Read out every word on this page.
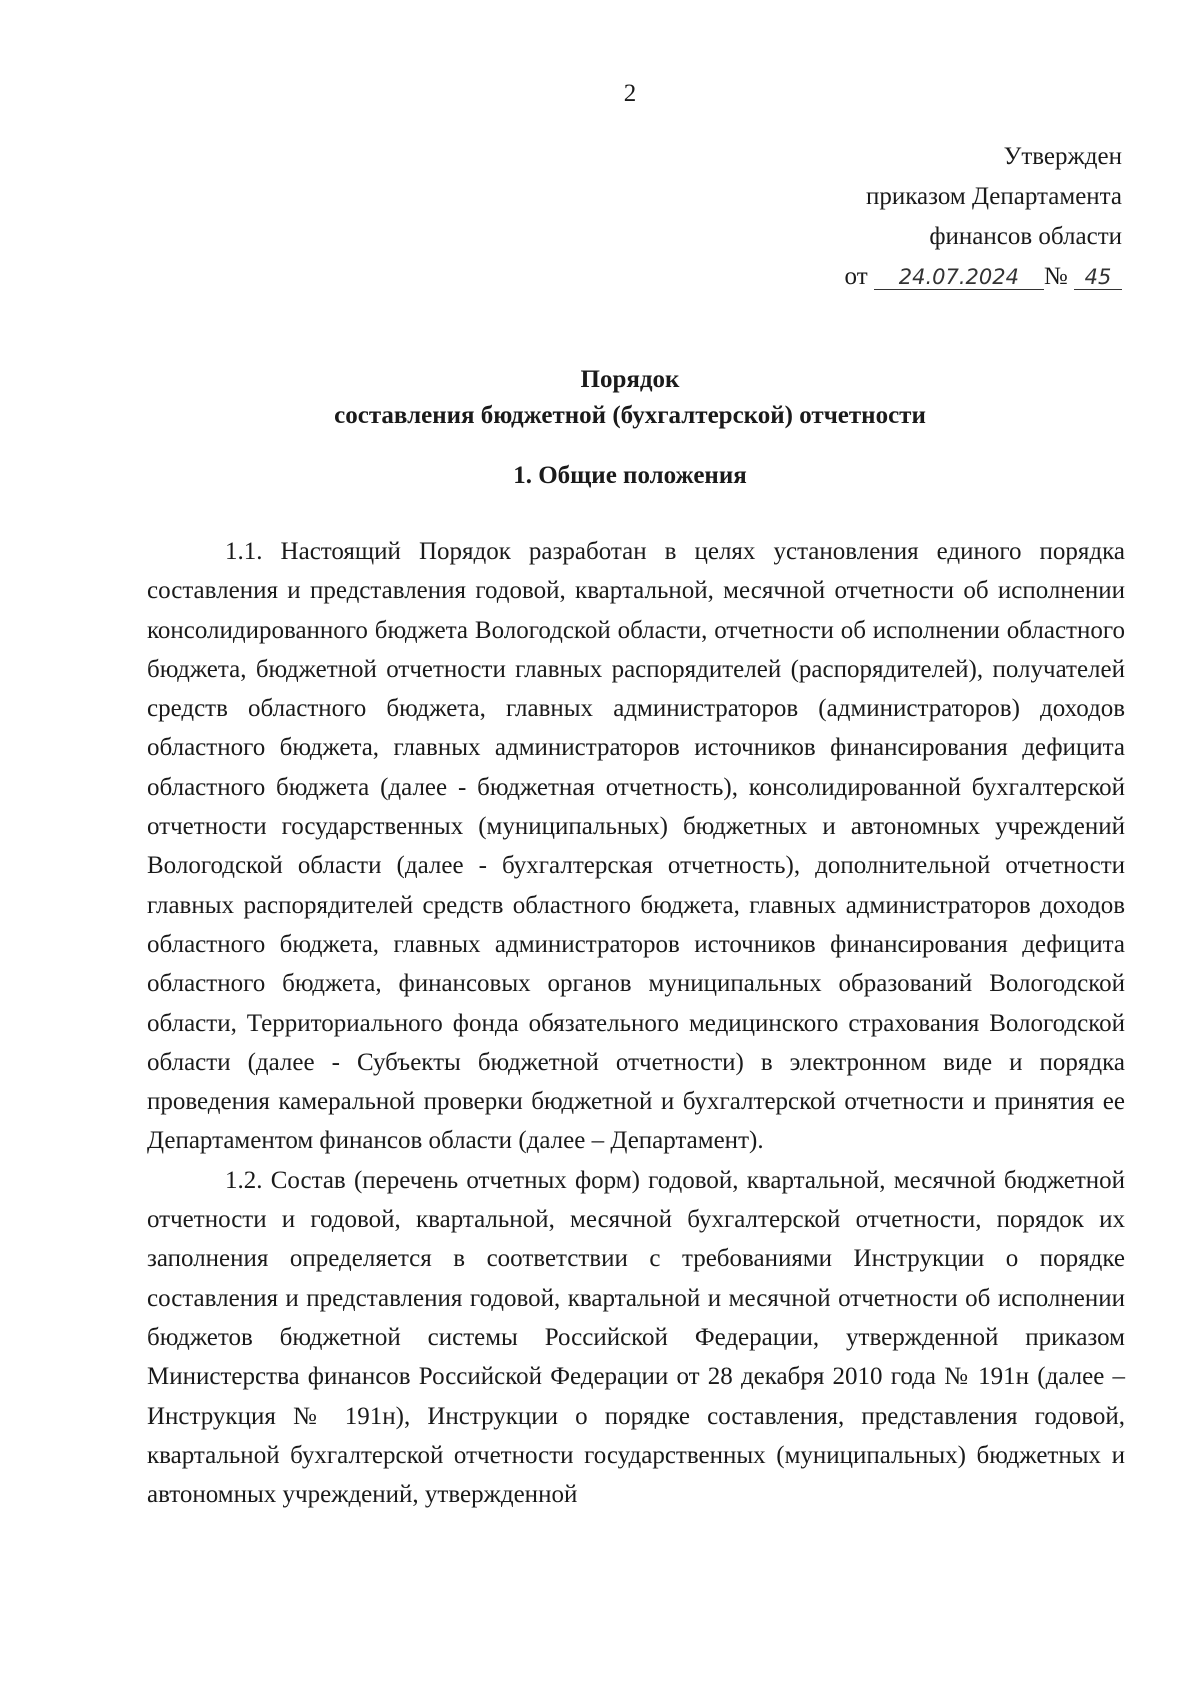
2
Утвержден
приказом Департамента
финансов области
от 24.07.2024 № 45
Порядок
составления бюджетной (бухгалтерской) отчетности
1. Общие положения

1.1. Настоящий Порядок разработан в целях установления единого порядка составления и представления годовой, квартальной, месячной отчетности об исполнении консолидированного бюджета Вологодской области, отчетности об исполнении областного бюджета, бюджетной отчетности главных распорядителей (распорядителей), получателей средств областного бюджета, главных администраторов (администраторов) доходов областного бюджета, главных администраторов источников финансирования дефицита областного бюджета (далее - бюджетная отчетность), консолидированной бухгалтерской отчетности государственных (муниципальных) бюджетных и автономных учреждений Вологодской области (далее - бухгалтерская отчетность), дополнительной отчетности главных распорядителей средств областного бюджета, главных администраторов доходов областного бюджета, главных администраторов источников финансирования дефицита областного бюджета, финансовых органов муниципальных образований Вологодской области, Территориального фонда обязательного медицинского страхования Вологодской области (далее - Субъекты бюджетной отчетности) в электронном виде и порядка проведения камеральной проверки бюджетной и бухгалтерской отчетности и принятия ее Департаментом финансов области (далее – Департамент).

1.2. Состав (перечень отчетных форм) годовой, квартальной, месячной бюджетной отчетности и годовой, квартальной, месячной бухгалтерской отчетности, порядок их заполнения определяется в соответствии с требованиями Инструкции о порядке составления и представления годовой, квартальной и месячной отчетности об исполнении бюджетов бюджетной системы Российской Федерации, утвержденной приказом Министерства финансов Российской Федерации от 28 декабря 2010 года № 191н (далее – Инструкция № 191н), Инструкции о порядке составления, представления годовой, квартальной бухгалтерской отчетности государственных (муниципальных) бюджетных и автономных учреждений, утвержденной
